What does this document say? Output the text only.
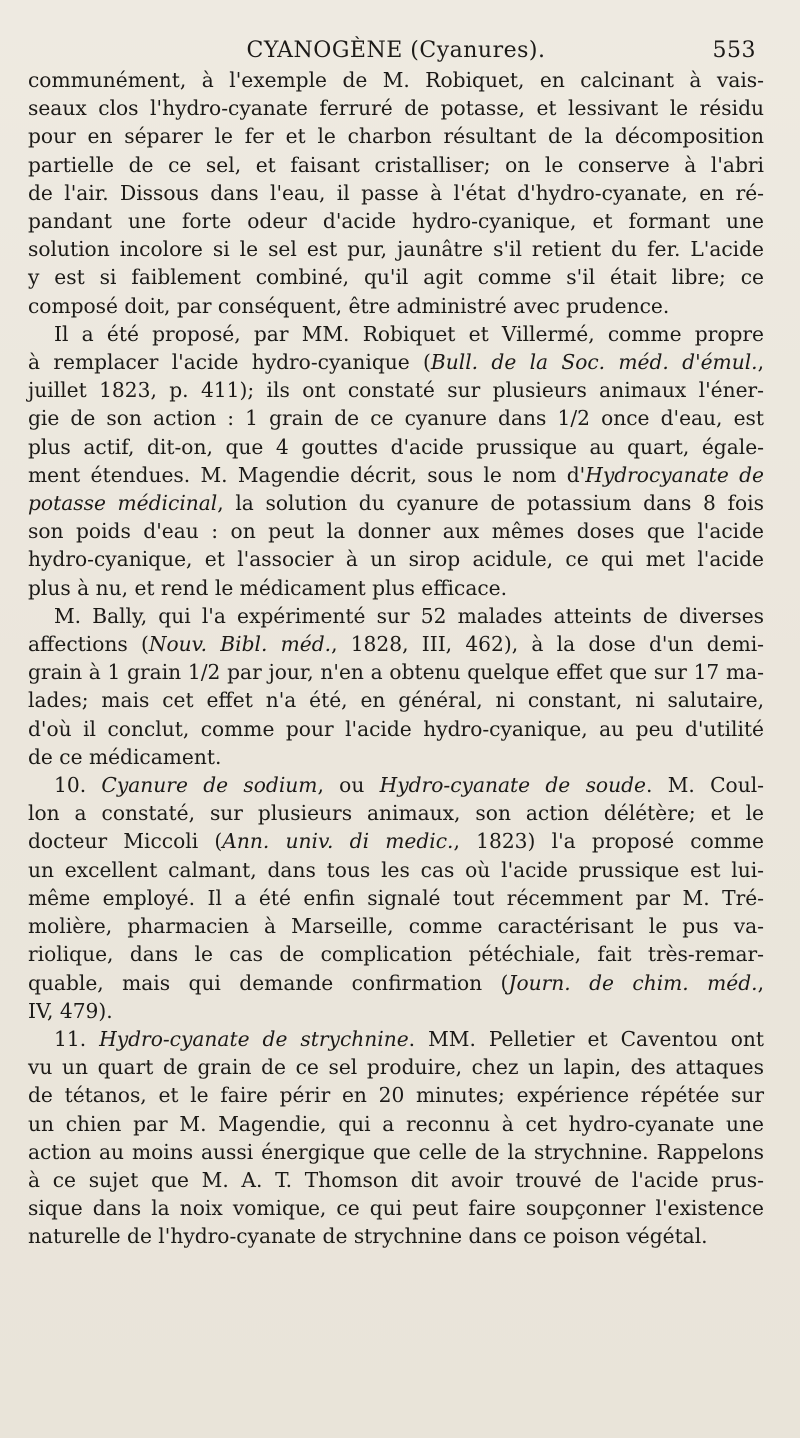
CYANOGÈNE (Cyanures).	553

communément, à l'exemple de M. Robiquet, en calcinant à vais-
seaux clos l'hydro-cyanate ferruré de potasse, et lessivant le résidu
pour en séparer le fer et le charbon résultant de la décomposition
partielle de ce sel, et faisant cristalliser; on le conserve à l'abri
de l'air. Dissous dans l'eau, il passe à l'état d'hydro-cyanate, en ré-
pandant une forte odeur d'acide hydro-cyanique, et formant une
solution incolore si le sel est pur, jaunâtre s'il retient du fer. L'acide
y est si faiblement combiné, qu'il agit comme s'il était libre; ce
composé doit, par conséquent, être administré avec prudence.

Il a été proposé, par MM. Robiquet et Villermé, comme propre
à remplacer l'acide hydro-cyanique (Bull. de la Soc. méd. d'émul.,
juillet 1823, p. 411); ils ont constaté sur plusieurs animaux l'éner-
gie de son action : 1 grain de ce cyanure dans 1/2 once d'eau, est
plus actif, dit-on, que 4 gouttes d'acide prussique au quart, égale-
ment étendues. M. Magendie décrit, sous le nom d'Hydrocyanate de
potasse médicinal, la solution du cyanure de potassium dans 8 fois
son poids d'eau : on peut la donner aux mêmes doses que l'acide
hydro-cyanique, et l'associer à un sirop acidule, ce qui met l'acide
plus à nu, et rend le médicament plus efficace.

M. Bally, qui l'a expérimenté sur 52 malades atteints de diverses
affections (Nouv. Bibl. méd., 1828, III, 462), à la dose d'un demi-
grain à 1 grain 1/2 par jour, n'en a obtenu quelque effet que sur 17 ma-
lades; mais cet effet n'a été, en général, ni constant, ni salutaire,
d'où il conclut, comme pour l'acide hydro-cyanique, au peu d'utilité
de ce médicament.

10. Cyanure de sodium, ou Hydro-cyanate de soude. M. Coul-
lon a constaté, sur plusieurs animaux, son action délétère; et le
docteur Miccoli (Ann. univ. di medic., 1823) l'a proposé comme
un excellent calmant, dans tous les cas où l'acide prussique est lui-
même employé. Il a été enfin signalé tout récemment par M. Tré-
molière, pharmacien à Marseille, comme caractérisant le pus va-
riolique, dans le cas de complication pétéchiale, fait très-remar-
quable, mais qui demande confirmation (Journ. de chim. méd.,
IV, 479).

11. Hydro-cyanate de strychnine. MM. Pelletier et Caventou ont
vu un quart de grain de ce sel produire, chez un lapin, des attaques
de tétanos, et le faire périr en 20 minutes; expérience répétée sur
un chien par M. Magendie, qui a reconnu à cet hydro-cyanate une
action au moins aussi énergique que celle de la strychnine. Rappelons
à ce sujet que M. A. T. Thomson dit avoir trouvé de l'acide prus-
sique dans la noix vomique, ce qui peut faire soupçonner l'existence
naturelle de l'hydro-cyanate de strychnine dans ce poison végétal.
